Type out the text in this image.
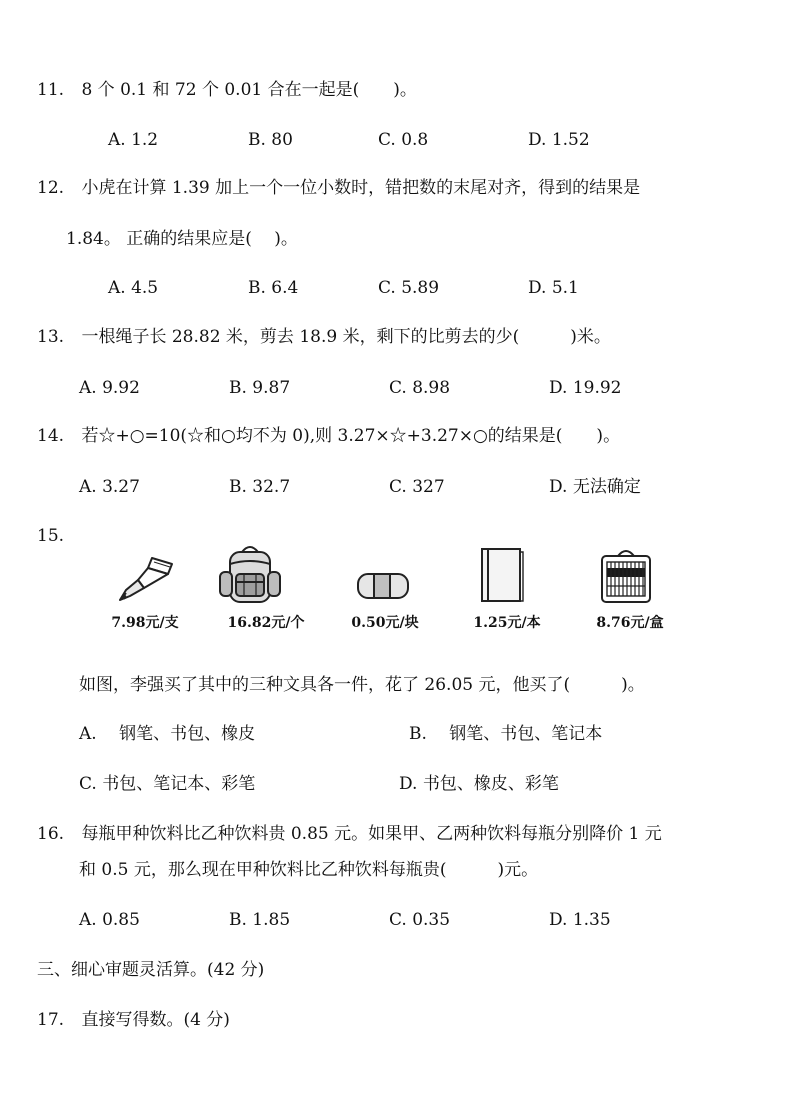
11. 8 个 0.1 和 72 个 0.01 合在一起是(　　)。
A. 1.2	B. 80	C. 0.8	D. 1.52
12. 小虎在计算 1.39 加上一个一位小数时，错把数的末尾对齐，得到的结果是
1.84。 正确的结果应是(　 )。
A. 4.5	B. 6.4	C. 5.89	D. 5.1
13. 一根绳子长 28.82 米，剪去 18.9 米，剩下的比剪去的少(　　　)米。
A. 9.92	B. 9.87	C. 8.98	D. 19.92
14. 若☆+○=10(☆和○均不为 0),则 3.27×☆+3.27×○的结果是(　　)。
A. 3.27	B. 32.7	C. 327	D. 无法确定
15.
7.98元/支	16.82元/个	0.50元/块	1.25元/本	8.76元/盒
如图，李强买了其中的三种文具各一件，花了 26.05 元，他买了(　　　)。
A.　 钢笔、书包、橡皮	B.　 钢笔、书包、笔记本
C. 书包、笔记本、彩笔	D. 书包、橡皮、彩笔
16. 每瓶甲种饮料比乙种饮料贵 0.85 元。如果甲、乙两种饮料每瓶分别降价 1 元
和 0.5 元，那么现在甲种饮料比乙种饮料每瓶贵(　　　)元。
A. 0.85	B. 1.85	C. 0.35	D. 1.35
三、细心审题灵活算。(42 分)
17. 直接写得数。(4 分)
